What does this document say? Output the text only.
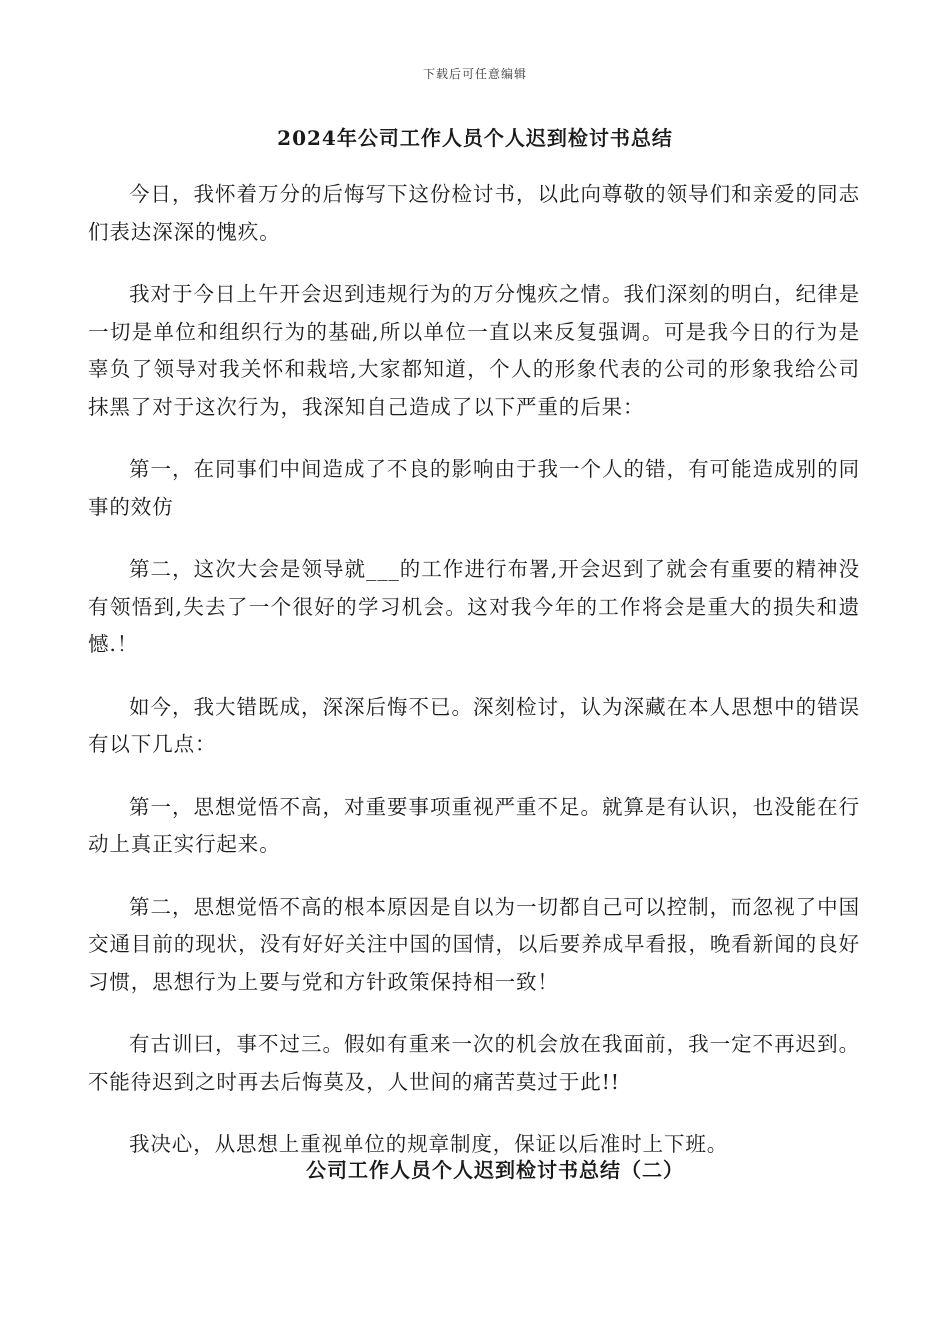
下载后可任意编辑
2024年公司工作人员个人迟到检讨书总结

今日，我怀着万分的后悔写下这份检讨书，以此向尊敬的领导们和亲爱的同志们表达深深的愧疚。

我对于今日上午开会迟到违规行为的万分愧疚之情。我们深刻的明白，纪律是一切是单位和组织行为的基础,所以单位一直以来反复强调。可是我今日的行为是辜负了领导对我关怀和栽培,大家都知道，个人的形象代表的公司的形象我给公司抹黑了对于这次行为，我深知自己造成了以下严重的后果：

第一，在同事们中间造成了不良的影响由于我一个人的错，有可能造成别的同事的效仿

第二，这次大会是领导就___的工作进行布署,开会迟到了就会有重要的精神没有领悟到,失去了一个很好的学习机会。这对我今年的工作将会是重大的损失和遗憾.！

如今，我大错既成，深深后悔不已。深刻检讨，认为深藏在本人思想中的错误有以下几点：

第一，思想觉悟不高，对重要事项重视严重不足。就算是有认识，也没能在行动上真正实行起来。

第二，思想觉悟不高的根本原因是自以为一切都自己可以控制，而忽视了中国交通目前的现状，没有好好关注中国的国情，以后要养成早看报，晚看新闻的良好习惯，思想行为上要与党和方针政策保持相一致！

有古训曰，事不过三。假如有重来一次的机会放在我面前，我一定不再迟到。不能待迟到之时再去后悔莫及，人世间的痛苦莫过于此!!

我决心，从思想上重视单位的规章制度，保证以后准时上下班。

公司工作人员个人迟到检讨书总结（二）
